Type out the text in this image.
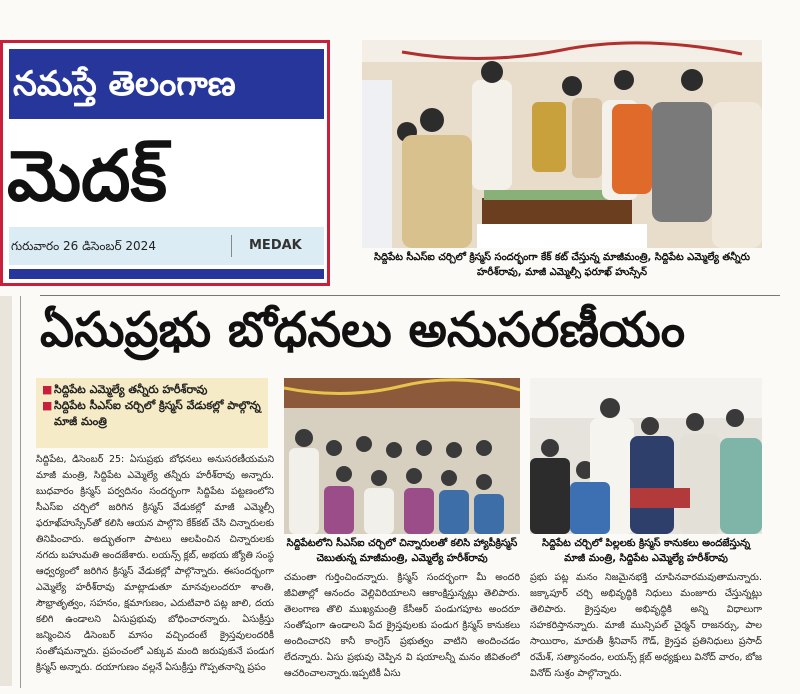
నమస్తే తెలంగాణ
మెదక్
గురువారం 26 డిసెంబర్ 2024	MEDAK
సిద్దిపేట సీఎస్ఐ చర్చిలో క్రిస్మస్ సందర్భంగా కేక్ కట్ చేస్తున్న మాజీమంత్రి, సిద్దిపేట ఎమ్మెల్యే తన్నీరు హరీశ్‌రావు, మాజీ ఎమ్మెల్సీ ఫరూఖ్ హుస్సేన్
ఏసుప్రభు బోధనలు అనుసరణీయం
■ సిద్దిపేట ఎమ్మెల్యే తన్నీరు హరీశ్‌రావు
■ సిద్దిపేట సీఎస్ఐ చర్చిలో క్రిస్మస్ వేడుకల్లో పాల్గొన్న మాజీ మంత్రి
సిద్దిపేటలోని సీఎస్ఐ చర్చిలో చిన్నారులతో కలిసి హ్యాపీక్రిస్మస్ చెబుతున్న మాజీమంత్రి, ఎమ్మెల్యే హరీశ్‌రావు
సిద్దిపేట చర్చిలో పిల్లలకు క్రిస్మస్ కానుకలు అందజేస్తున్న మాజీ మంత్రి, సిద్దిపేట ఎమ్మెల్యే హరీశ్‌రావు
సిద్దిపేట, డిసెంబర్ 25: ఏసుప్రభు బోధనలు అనుసరణీయమని మాజీ మంత్రి, సిద్దిపేట ఎమ్మెల్యే తన్నీరు హరీశ్‌రావు అన్నారు. బుధవారం క్రిస్మస్ పర్వదినం సందర్భంగా సిద్దిపేట పట్టణంలోని సీఎస్ఐ చర్చిలో జరిగిన క్రిస్మస్ వేడుకల్లో మాజీ ఎమ్మెల్సీ ఫరూఖ్‌హుస్సేన్‌తో కలిసి ఆయన పాల్గొని కేక్‌కట్ చేసి చిన్నారులకు తినిపించారు. అద్భుతంగా పాటలు ఆలపించిన చిన్నారులకు నగదు బహుమతి అందజేశారు. లయన్స్ క్లబ్, అభయ జ్యోతి సంస్థ ఆధ్వర్యంలో జరిగిన క్రిస్మస్ వేడుకల్లో పాల్గొన్నారు. ఈసందర్భంగా ఎమ్మెల్యే హరీశ్‌రావు మాట్లాడుతూ మానవులందరూ శాంతి, సౌభ్రాతృత్వం, సహనం, క్షమాగుణం, ఎదుటివారి పట్ల జాలి, దయ కలిగి ఉండాలని ఏసుప్రభువు బోధించారన్నారు. ఏసుక్రీస్తు జన్మించిన డిసెంబర్ మాసం వచ్చిందంటే క్రైస్తవులందరికీ సంతోషమన్నారు. ప్రపంచంలో ఎక్కువ మంది జరుపుకునే పండుగ క్రిస్మస్ అన్నారు. దయాగుణం వల్లనే ఏసుక్రీస్తు గొప్పతనాన్ని ప్రపం
చమంతా గుర్తించిందన్నారు. క్రిస్మస్ సందర్భంగా మీ అందరి జీవితాల్లో ఆనందం వెల్లివిరియాలని ఆకాంక్షిస్తున్నట్లు తెలిపారు. తెలంగాణ తొలి ముఖ్యమంత్రి కేసీఆర్ పండుగపూట అందరూ సంతోషంగా ఉండాలని పేద క్రైస్తవులకు పండుగ క్రిస్మస్ కానుకలు అందించారని కానీ కాంగ్రెస్ ప్రభుత్వం వాటిని అందించడం లేదన్నారు. ఏసు ప్రభువు చెప్పిన వి షయాలన్నీ మనం జీవితంలో ఆచరించాలన్నారు.ఇప్పటికీ ఏసు
ప్రభు పట్ల మనం నిజమైనభక్తి చూపినవారమవుతామన్నారు. జక్కాపూర్ చర్చి అభివృద్ధికి నిధులు మంజూరు చేస్తున్నట్లు తెలిపారు. క్రైస్తవుల అభివృద్ధికి అన్ని విధాలుగా సహకరిస్తానన్నారు. మాజీ మున్సిపల్ చైర్మన్ రాజనర్సు, పాల సాయిరాం, మారుతీ శ్రీనివాస్ గౌడ్, క్రైస్తవ ప్రతినిధులు ప్రసాద్ రమేశ్, సత్యానందం, లయన్స్ క్లబ్ అధ్యక్షులు వినోద్ వారం, బోజ వినోద్ సుశ్రం పాల్గొన్నారు.
